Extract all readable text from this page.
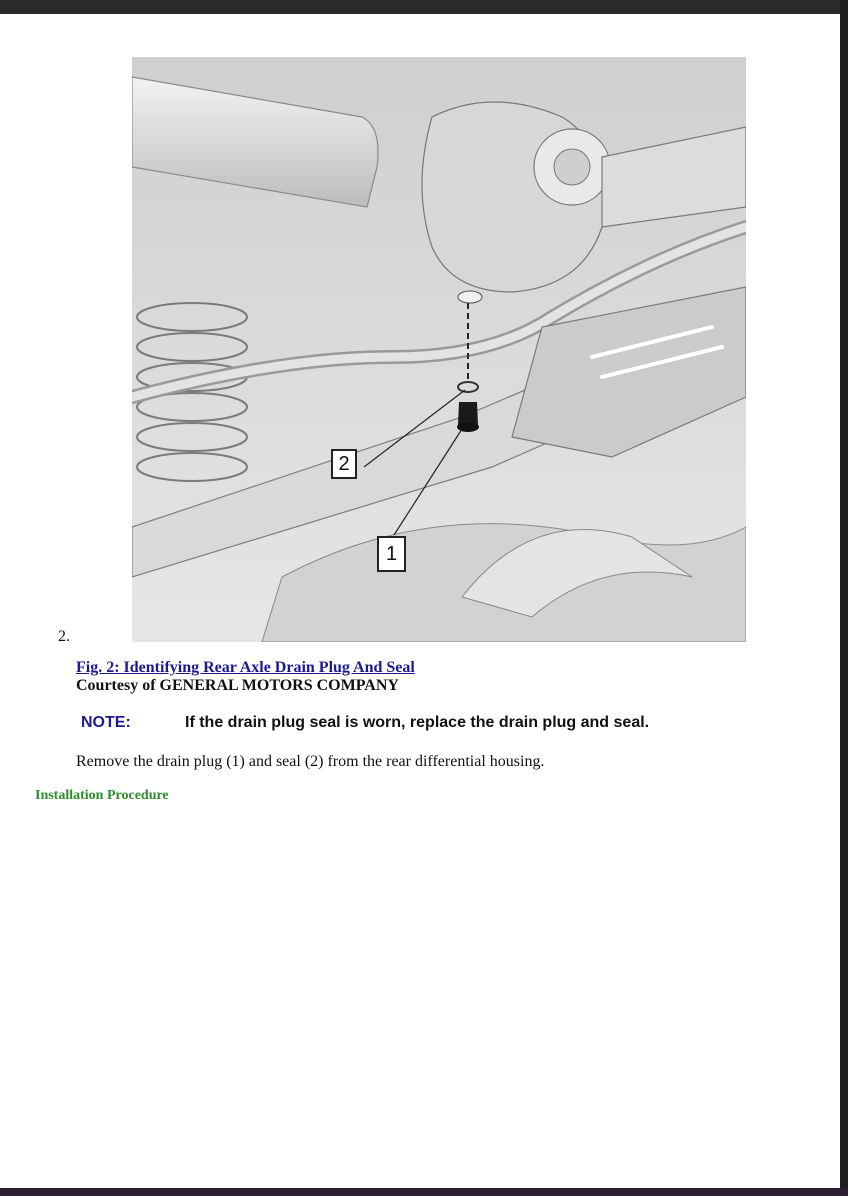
2
1
2.
Fig. 2: Identifying Rear Axle Drain Plug And Seal
Courtesy of GENERAL MOTORS COMPANY
NOTE:	If the drain plug seal is worn, replace the drain plug and seal.
Remove the drain plug (1) and seal (2) from the rear differential housing.
Installation Procedure
